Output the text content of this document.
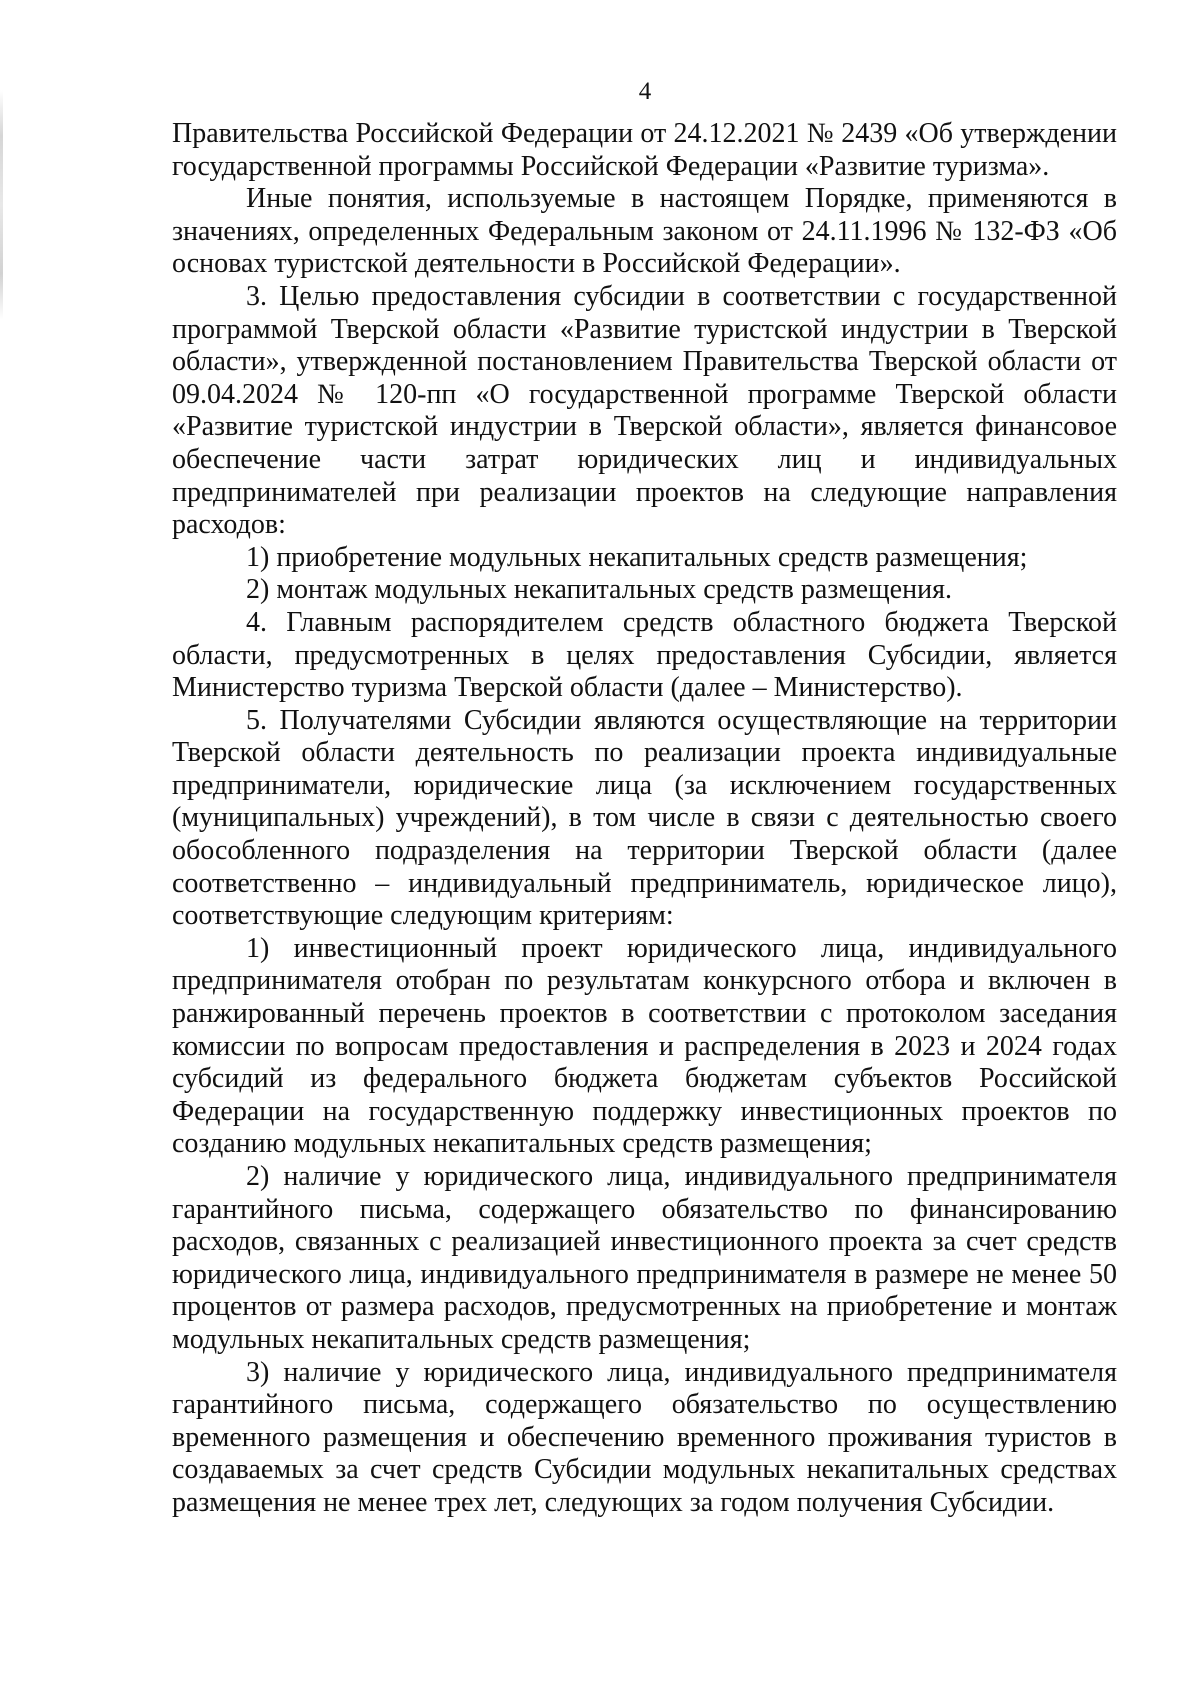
4

Правительства Российской Федерации от 24.12.2021 № 2439 «Об утверждении государственной программы Российской Федерации «Развитие туризма».

Иные понятия, используемые в настоящем Порядке, применяются в значениях, определенных Федеральным законом от 24.11.1996 № 132-ФЗ «Об основах туристской деятельности в Российской Федерации».

3. Целью предоставления субсидии в соответствии с государственной программой Тверской области «Развитие туристской индустрии в Тверской области», утвержденной постановлением Правительства Тверской области от 09.04.2024 № 120-пп «О государственной программе Тверской области «Развитие туристской индустрии в Тверской области», является финансовое обеспечение части затрат юридических лиц и индивидуальных предпринимателей при реализации проектов на следующие направления расходов:

1) приобретение модульных некапитальных средств размещения;

2) монтаж модульных некапитальных средств размещения.

4. Главным распорядителем средств областного бюджета Тверской области, предусмотренных в целях предоставления Субсидии, является Министерство туризма Тверской области (далее – Министерство).

5. Получателями Субсидии являются осуществляющие на территории Тверской области деятельность по реализации проекта индивидуальные предприниматели, юридические лица (за исключением государственных (муниципальных) учреждений), в том числе в связи с деятельностью своего обособленного подразделения на территории Тверской области (далее соответственно – индивидуальный предприниматель, юридическое лицо), соответствующие следующим критериям:

1) инвестиционный проект юридического лица, индивидуального предпринимателя отобран по результатам конкурсного отбора и включен в ранжированный перечень проектов в соответствии с протоколом заседания комиссии по вопросам предоставления и распределения в 2023 и 2024 годах субсидий из федерального бюджета бюджетам субъектов Российской Федерации на государственную поддержку инвестиционных проектов по созданию модульных некапитальных средств размещения;

2) наличие у юридического лица, индивидуального предпринимателя гарантийного письма, содержащего обязательство по финансированию расходов, связанных с реализацией инвестиционного проекта за счет средств юридического лица, индивидуального предпринимателя в размере не менее 50 процентов от размера расходов, предусмотренных на приобретение и монтаж модульных некапитальных средств размещения;

3) наличие у юридического лица, индивидуального предпринимателя гарантийного письма, содержащего обязательство по осуществлению временного размещения и обеспечению временного проживания туристов в создаваемых за счет средств Субсидии модульных некапитальных средствах размещения не менее трех лет, следующих за годом получения Субсидии.
